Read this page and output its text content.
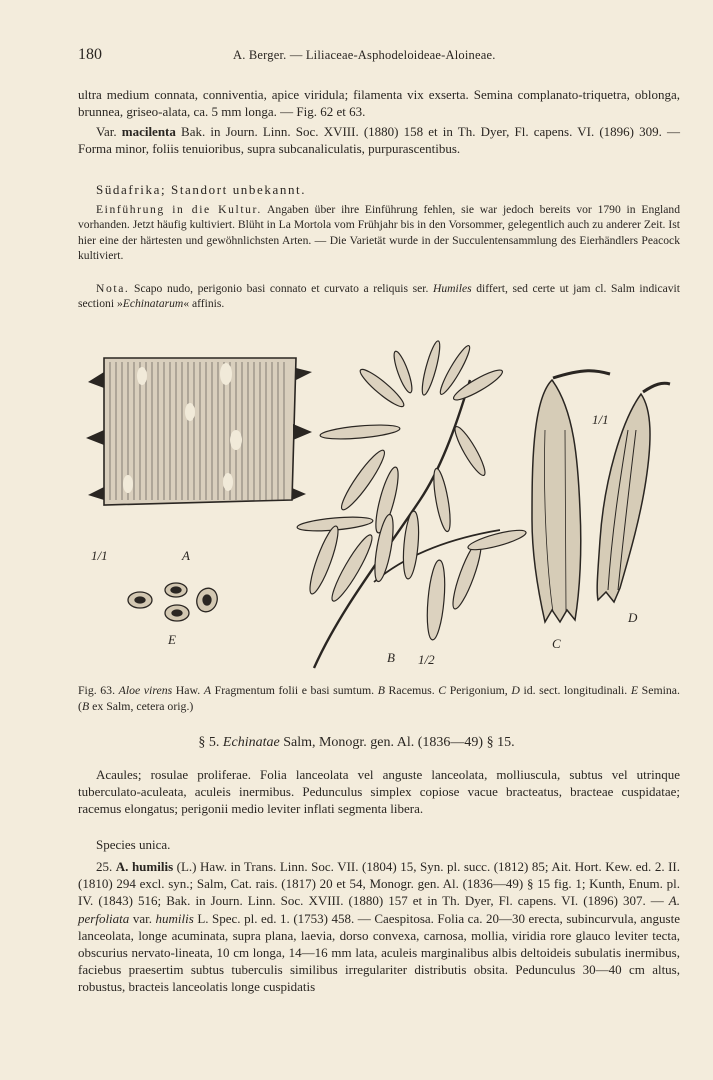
180	A. Berger. — Liliaceae-Asphodeloideae-Aloineae.

ultra medium connata, conniventia, apice viridula; filamenta vix exserta. Semina complanato-triquetra, oblonga, brunnea, griseo-alata, ca. 5 mm longa. — Fig. 62 et 63.

Var. macilenta Bak. in Journ. Linn. Soc. XVIII. (1880) 158 et in Th. Dyer, Fl. capens. VI. (1896) 309. — Forma minor, foliis tenuioribus, supra subcanaliculatis, purpurascentibus.

Südafrika; Standort unbekannt.

Einführung in die Kultur. Angaben über ihre Einführung fehlen, sie war jedoch bereits vor 1790 in England vorhanden. Jetzt häufig kultiviert. Blüht in La Mortola vom Frühjahr bis in den Vorsommer, gelegentlich auch zu anderer Zeit. Ist hier eine der härtesten und gewöhnlichsten Arten. — Die Varietät wurde in der Succulentensammlung des Eierhändlers Peacock kultiviert.

Nota. Scapo nudo, perigonio basi connato et curvato a reliquis ser. Humiles differt, sed certe ut jam cl. Salm indicavit sectioni »Echinatarum« affinis.

1/1	A
E
B 1/2
1/1
C
D
Fig. 63. Aloe virens Haw. A Fragmentum folii e basi sumtum. B Racemus. C Perigonium, D id. sect. longitudinali. E Semina. (B ex Salm, cetera orig.)
§ 5. Echinatae Salm, Monogr. gen. Al. (1836—49) § 15.

Acaules; rosulae proliferae. Folia lanceolata vel anguste lanceolata, molliuscula, subtus vel utrinque tuberculato-aculeata, aculeis inermibus. Pedunculus simplex copiose vacue bracteatus, bracteae cuspidatae; racemus elongatus; perigonii medio leviter inflati segmenta libera.

Species unica.

25. A. humilis (L.) Haw. in Trans. Linn. Soc. VII. (1804) 15, Syn. pl. succ. (1812) 85; Ait. Hort. Kew. ed. 2. II. (1810) 294 excl. syn.; Salm, Cat. rais. (1817) 20 et 54, Monogr. gen. Al. (1836—49) § 15 fig. 1; Kunth, Enum. pl. IV. (1843) 516; Bak. in Journ. Linn. Soc. XVIII. (1880) 157 et in Th. Dyer, Fl. capens. VI. (1896) 307. — A. perfoliata var. humilis L. Spec. pl. ed. 1. (1753) 458. — Caespitosa. Folia ca. 20—30 erecta, subincurvula, anguste lanceolata, longe acuminata, supra plana, laevia, dorso convexa, carnosa, mollia, viridia rore glauco leviter tecta, obscurius nervato-lineata, 10 cm longa, 14—16 mm lata, aculeis marginalibus albis deltoideis subulatis inermibus, faciebus praesertim subtus tuberculis similibus irregulariter distributis obsita. Pedunculus 30—40 cm altus, robustus, bracteis lanceolatis longe cuspidatis
